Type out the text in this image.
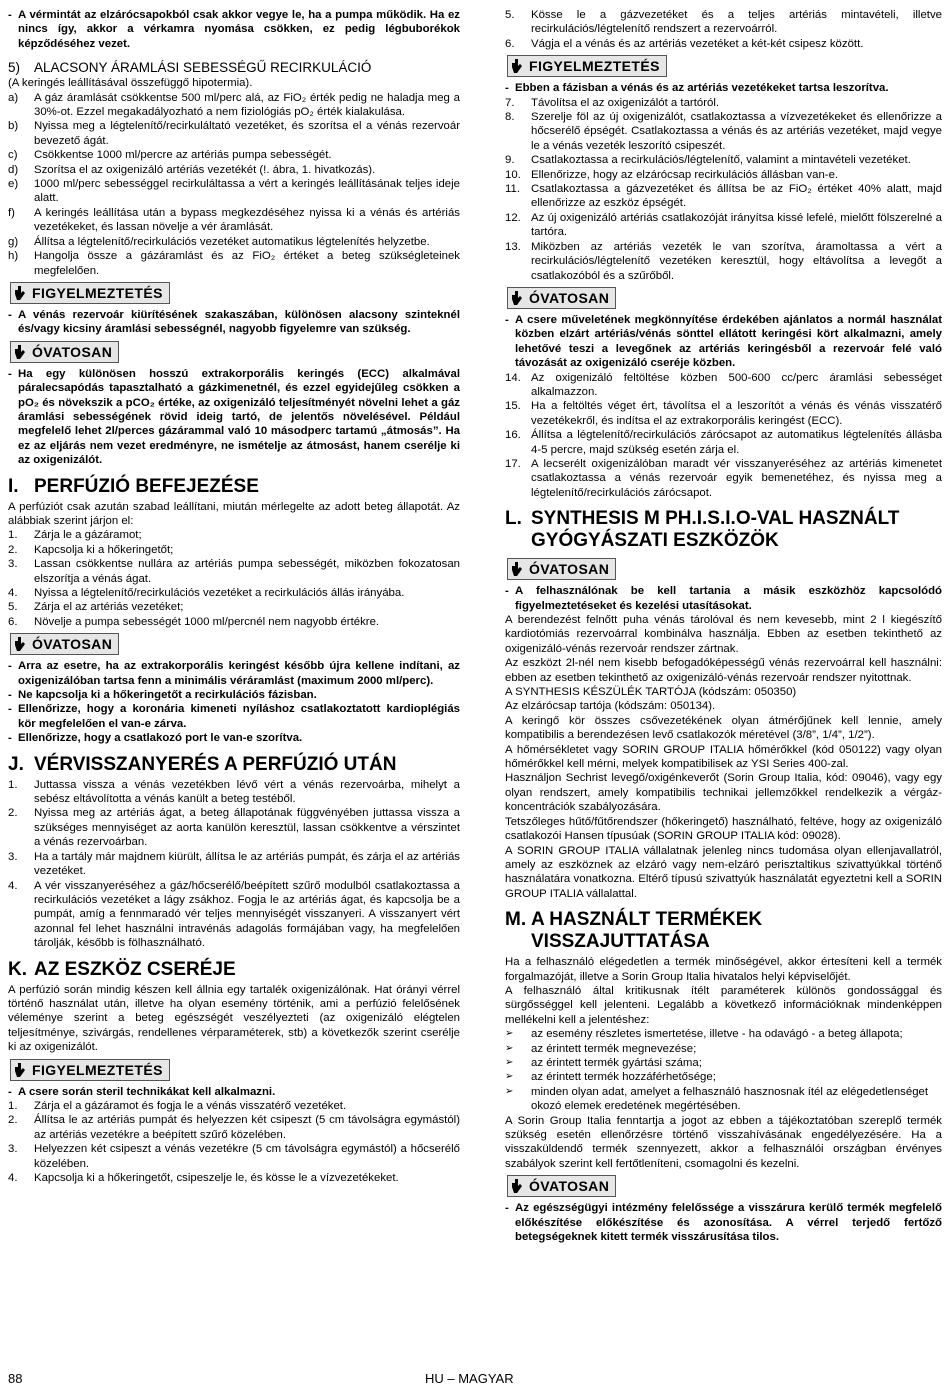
- A vérmintát az elzárócsapokból csak akkor vegye le, ha a pumpa működik. Ha ez nincs így, akkor a vérkamra nyomása csökken, ez pedig légbuborékok képződéséhez vezet.
5) ALACSONY ÁRAMLÁSI SEBESSÉGŰ RECIRKULÁCIÓ

(A keringés leállításával összefüggő hipotermia).

a)	A gáz áramlását csökkentse 500 ml/perc alá, az FiO₂ érték pedig ne haladja meg a 30%-ot. Ezzel megakadályozható a nem fiziológiás pO₂ érték kialakulása.
b)	Nyissa meg a légtelenítő/recirkuláltató vezetéket, és szorítsa el a vénás rezervoár bevezető ágát.
c)	Csökkentse 1000 ml/percre az artériás pumpa sebességét.
d)	Szorítsa el az oxigenizáló artériás vezetékét (!. ábra, 1. hivatkozás).
e)	1000 ml/perc sebességgel recirkuláltassa a vért a keringés leállításának teljes ideje alatt.
f)	A keringés leállítása után a bypass megkezdéséhez nyissa ki a vénás és artériás vezetékeket, és lassan növelje a vér áramlását.
g)	Állítsa a légtelenítő/recirkulációs vezetéket automatikus légtelenítés helyzetbe.
h)	Hangolja össze a gázáramlást és az FiO₂ értéket a beteg szükségleteinek megfelelően.
FIGYELMEZTETÉS
- A vénás rezervoár kiürítésének szakaszában, különösen alacsony szinteknél és/vagy kicsiny áramlási sebességnél, nagyobb figyelemre van szükség.
ÓVATOSAN
- Ha egy különösen hosszú extrakorporális keringés (ECC) alkalmával páralecsapódás tapasztalható a gázkimenetnél, és ezzel egyidejűleg csökken a pO₂ és növekszik a pCO₂ értéke, az oxigenizáló teljesítményét növelni lehet a gáz áramlási sebességének rövid ideig tartó, de jelentős növelésével. Például megfelelő lehet 2l/perces gázárammal való 10 másodperc tartamú „átmosás”. Ha ez az eljárás nem vezet eredményre, ne ismételje az átmosást, hanem cserélje ki az oxigenizálót.
I. PERFÚZIÓ BEFEJEZÉSE

A perfúziót csak azután szabad leállítani, miután mérlegelte az adott beteg állapotát. Az alábbiak szerint járjon el:

1.	Zárja le a gázáramot;
2.	Kapcsolja ki a hőkeringetőt;
3.	Lassan csökkentse nullára az artériás pumpa sebességét, miközben fokozatosan elszorítja a vénás ágat.
4.	Nyissa a légtelenítő/recirkulációs vezetéket a recirkulációs állás irányába.
5.	Zárja el az artériás vezetéket;
6.	Növelje a pumpa sebességét 1000 ml/percnél nem nagyobb értékre.
ÓVATOSAN
- Arra az esetre, ha az extrakorporális keringést később újra kellene indítani, az oxigenizálóban tartsa fenn a minimális véráramlást (maximum 2000 ml/perc).
- Ne kapcsolja ki a hőkeringetőt a recirkulációs fázisban.
- Ellenőrizze, hogy a koronária kimeneti nyíláshoz csatlakoztatott kardioplégiás kör megfelelően el van-e zárva.
- Ellenőrizze, hogy a csatlakozó port le van-e szorítva.
J. VÉRVISSZANYERÉS A PERFÚZIÓ UTÁN
1.	Juttassa vissza a vénás vezetékben lévő vért a vénás rezervoárba, mihelyt a sebész eltávolította a vénás kanült a beteg testéből.
2.	Nyissa meg az artériás ágat, a beteg állapotának függvényében juttassa vissza a szükséges mennyiséget az aorta kanülön keresztül, lassan csökkentve a vérszintet a vénás rezervoárban.
3.	Ha a tartály már majdnem kiürült, állítsa le az artériás pumpát, és zárja el az artériás vezetéket.
4.	A vér visszanyeréséhez a gáz/hőcserélő/beépített szűrő modulból csatlakoztassa a recirkulációs vezetéket a lágy zsákhoz. Fogja le az artériás ágat, és kapcsolja be a pumpát, amíg a fennmaradó vér teljes mennyiségét visszanyeri. A visszanyert vért azonnal fel lehet használni intravénás adagolás formájában vagy, ha megfelelően tárolják, később is fölhasználható.
K. AZ ESZKÖZ CSERÉJE

A perfúzió során mindig készen kell állnia egy tartalék oxigenizálónak. Hat órányi vérrel történő használat után, illetve ha olyan esemény történik, ami a perfúzió felelősének véleménye szerint a beteg egészségét veszélyezteti (az oxigenizáló elégtelen teljesítménye, szivárgás, rendellenes vérparaméterek, stb) a következők szerint cserélje ki az oxigenizálót.

FIGYELMEZTETÉS
- A csere során steril technikákat kell alkalmazni.
1.	Zárja el a gázáramot és fogja le a vénás visszatérő vezetéket.
2.	Állítsa le az artériás pumpát és helyezzen két csipeszt (5 cm távolságra egymástól) az artériás vezetékre a beépített szűrő közelében.
3.	Helyezzen két csipeszt a vénás vezetékre (5 cm távolságra egymástól) a hőcserélő közelében.
4.	Kapcsolja ki a hőkeringetőt, csipeszelje le, és kösse le a vízvezetékeket.
5.	Kösse le a gázvezetéket és a teljes artériás mintavételi, illetve recirkulációs/légtelenítő rendszert a rezervoárról.
6.	Vágja el a vénás és az artériás vezetéket a két-két csipesz között.
FIGYELMEZTETÉS
- Ebben a fázisban a vénás és az artériás vezetékeket tartsa leszorítva.
7.	Távolítsa el az oxigenizálót a tartóról.
8.	Szerelje föl az új oxigenizálót, csatlakoztassa a vízvezetékeket és ellenőrizze a hőcserélő épségét. Csatlakoztassa a vénás és az artériás vezetéket, majd vegye le a vénás vezeték leszorító csipeszét.
9.	Csatlakoztassa a recirkulációs/légtelenítő, valamint a mintavételi vezetéket.
10. Ellenőrizze, hogy az elzárócsap recirkulációs állásban van-e.
11. Csatlakoztassa a gázvezetéket és állítsa be az FiO₂ értéket 40% alatt, majd ellenőrizze az eszköz épségét.
12. Az új oxigenizáló artériás csatlakozóját irányítsa kissé lefelé, mielőtt fölszerelné a tartóra.
13. Miközben az artériás vezeték le van szorítva, áramoltassa a vért a recirkulációs/légtelenítő vezetéken keresztül, hogy eltávolítsa a levegőt a csatlakozóból és a szűrőből.
ÓVATOSAN
- A csere műveletének megkönnyítése érdekében ajánlatos a normál használat közben elzárt artériás/vénás sönttel ellátott keringési kört alkalmazni, amely lehetővé teszi a levegőnek az artériás keringésből a rezervoár felé való távozását az oxigenizáló cseréje közben.
14. Az oxigenizáló feltöltése közben 500-600 cc/perc áramlási sebességet alkalmazzon.
15. Ha a feltöltés véget ért, távolítsa el a leszorítót a vénás és vénás visszatérő vezetékekről, és indítsa el az extrakorporális keringést (ECC).
16. Állítsa a légtelenítő/recirkulációs zárócsapot az automatikus légtelenítés állásba 4-5 percre, majd szükség esetén zárja el.
17. A lecserélt oxigenizálóban maradt vér visszanyeréséhez az artériás kimenetet csatlakoztassa a vénás rezervoár egyik bemenetéhez, és nyissa meg a légtelenítő/recirkulációs zárócsapot.
L. SYNTHESIS M PH.I.S.I.O-VAL HASZNÁLT GYÓGYÁSZATI ESZKÖZÖK
ÓVATOSAN
- A felhasználónak be kell tartania a másik eszközhöz kapcsolódó figyelmeztetéseket és kezelési utasításokat.

A berendezést felnőtt puha vénás tárolóval és nem kevesebb, mint 2 l kiegészítő kardiotómiás rezervoárral kombinálva használja. Ebben az esetben tekinthető az oxigenizáló-vénás rezervoár rendszer zártnak.

Az eszközt 2l-nél nem kisebb befogadóképességű vénás rezervoárral kell használni: ebben az esetben tekinthető az oxigenizáló-vénás rezervoár rendszer nyitottnak.

A SYNTHESIS KÉSZÜLÉK TARTÓJA (kódszám: 050350)

Az elzárócsap tartója (kódszám: 050134).

A keringő kör összes csővezetékének olyan átmérőjűnek kell lennie, amely kompatibilis a berendezésen levő csatlakozók méretével (3/8”, 1/4”, 1/2”).

A hőmérsékletet vagy SORIN GROUP ITALIA hőmérőkkel (kód 050122) vagy olyan hőmérőkkel kell mérni, melyek kompatibilisek az YSI Series 400-zal.

Használjon Sechrist levegő/oxigénkeverőt (Sorin Group Italia, kód: 09046), vagy egy olyan rendszert, amely kompatibilis technikai jellemzőkkel rendelkezik a vérgáz-koncentrációk szabályozására.

Tetszőleges hűtő/fűtőrendszer (hőkeringető) használható, feltéve, hogy az oxigenizáló csatlakozói Hansen típusúak (SORIN GROUP ITALIA kód: 09028).

A SORIN GROUP ITALIA vállalatnak jelenleg nincs tudomása olyan ellenjavallatról, amely az eszköznek az elzáró vagy nem-elzáró perisztaltikus szivattyúkkal történő használatára vonatkozna. Eltérő típusú szivattyúk használatát egyeztetni kell a SORIN GROUP ITALIA vállalattal.

M. A HASZNÁLT TERMÉKEK VISSZAJUTTATÁSA

Ha a felhasználó elégedetlen a termék minőségével, akkor értesíteni kell a termék forgalmazóját, illetve a Sorin Group Italia hivatalos helyi képviselőjét.

A felhasználó által kritikusnak ítélt paraméterek különös gondossággal és sürgősséggel kell jelenteni. Legalább a következő információknak mindenképpen mellékelni kell a jelentéshez:

➢	az esemény részletes ismertetése, illetve - ha odavágó - a beteg állapota;
➢	az érintett termék megnevezése;
➢	az érintett termék gyártási száma;
➢	az érintett termék hozzáférhetősége;
➢	minden olyan adat, amelyet a felhasználó hasznosnak ítél az elégedetlenséget okozó elemek eredetének megértésében.

A Sorin Group Italia fenntartja a jogot az ebben a tájékoztatóban szereplő termék szükség esetén ellenőrzésre történő visszahívásának engedélyezésére. Ha a visszaküldendő termék szennyezett, akkor a felhasználói országban érvényes szabályok szerint kell fertőtleníteni, csomagolni és kezelni.

ÓVATOSAN
- Az egészségügyi intézmény felelőssége a visszárura kerülő termék megfelelő előkészítése előkészítése és azonosítása. A vérrel terjedő fertőző betegségeknek kitett termék visszárusítása tilos.
88	HU – MAGYAR
